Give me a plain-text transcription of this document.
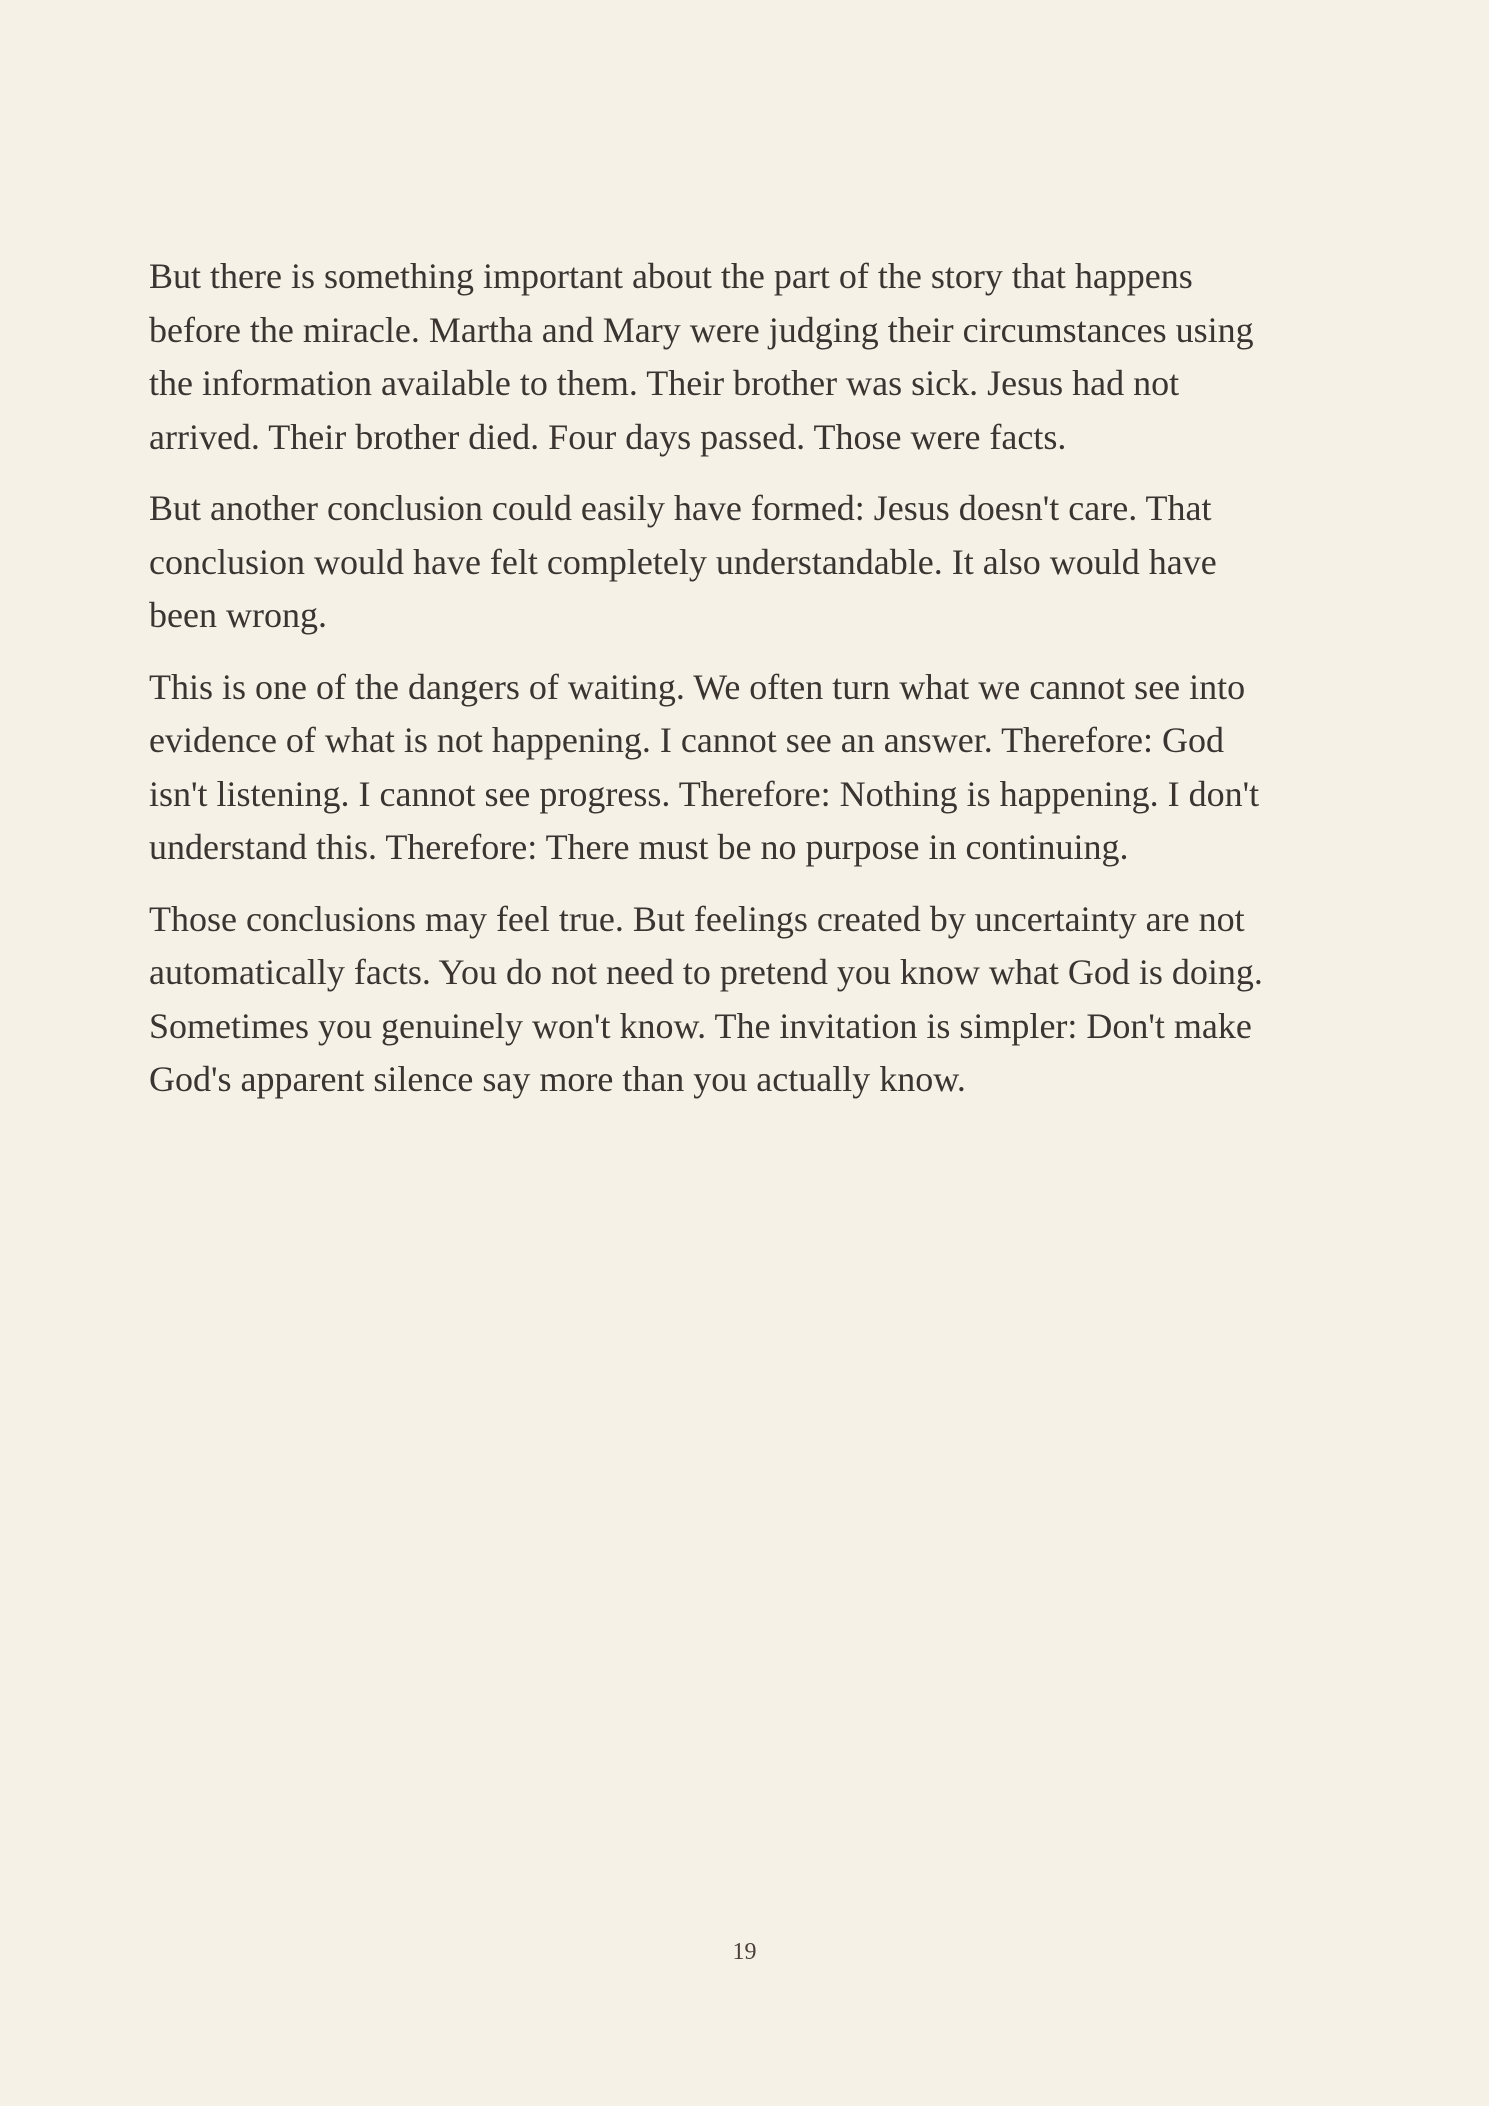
But there is something important about the part of the story that happens
before the miracle. Martha and Mary were judging their circumstances using
the information available to them. Their brother was sick. Jesus had not
arrived. Their brother died. Four days passed. Those were facts.

But another conclusion could easily have formed: Jesus doesn't care. That
conclusion would have felt completely understandable. It also would have
been wrong.

This is one of the dangers of waiting. We often turn what we cannot see into
evidence of what is not happening. I cannot see an answer. Therefore: God
isn't listening. I cannot see progress. Therefore: Nothing is happening. I don't
understand this. Therefore: There must be no purpose in continuing.

Those conclusions may feel true. But feelings created by uncertainty are not
automatically facts. You do not need to pretend you know what God is doing.
Sometimes you genuinely won't know. The invitation is simpler: Don't make
God's apparent silence say more than you actually know.

19
